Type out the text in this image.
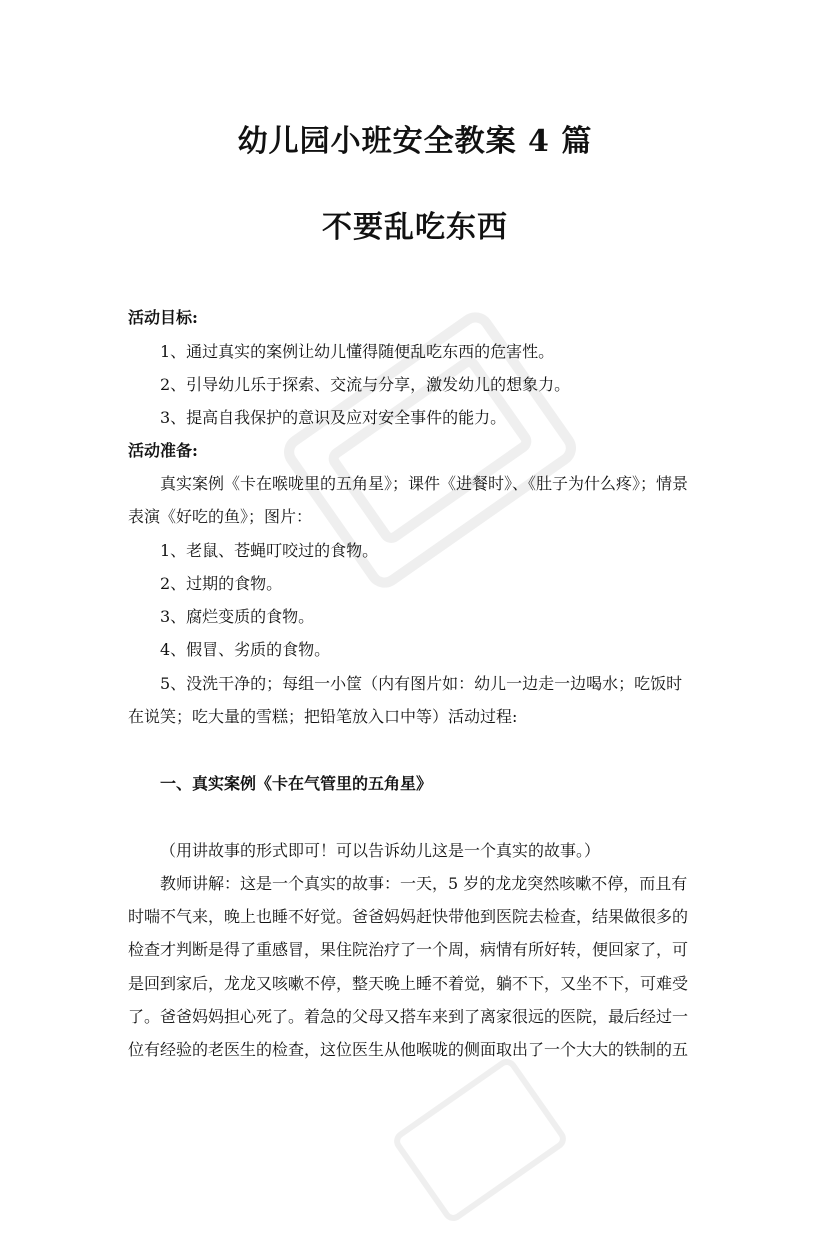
幼儿园小班安全教案 4 篇
不要乱吃东西

活动目标:

1、通过真实的案例让幼儿懂得随便乱吃东西的危害性。

2、引导幼儿乐于探索、交流与分享，激发幼儿的想象力。

3、提高自我保护的意识及应对安全事件的能力。

活动准备:

真实案例《卡在喉咙里的五角星》；课件《进餐时》、《肚子为什么疼》；情景

表演《好吃的鱼》；图片：

1、老鼠、苍蝇叮咬过的食物。

2、过期的食物。

3、腐烂变质的食物。

4、假冒、劣质的食物。

5、没洗干净的；每组一小筐（内有图片如：幼儿一边走一边喝水；吃饭时

在说笑；吃大量的雪糕；把铅笔放入口中等）活动过程:

一、真实案例《卡在气管里的五角星》

（用讲故事的形式即可！可以告诉幼儿这是一个真实的故事。）

教师讲解：这是一个真实的故事：一天，5 岁的龙龙突然咳嗽不停，而且有

时喘不气来，晚上也睡不好觉。爸爸妈妈赶快带他到医院去检查，结果做很多的

检查才判断是得了重感冒，果住院治疗了一个周，病情有所好转，便回家了，可

是回到家后，龙龙又咳嗽不停，整天晚上睡不着觉，躺不下，又坐不下，可难受

了。爸爸妈妈担心死了。着急的父母又搭车来到了离家很远的医院，最后经过一

位有经验的老医生的检查，这位医生从他喉咙的侧面取出了一个大大的铁制的五
